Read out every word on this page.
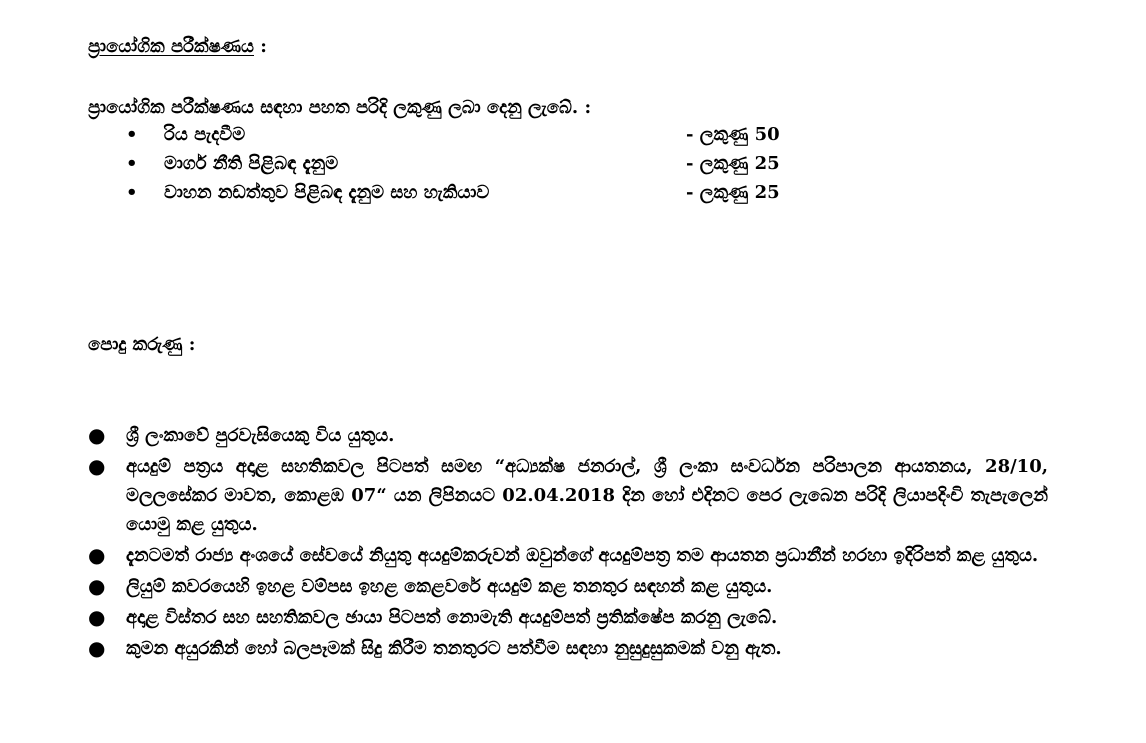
ප්‍රායෝගික පරීක්ෂණය :
ප්‍රායෝගික පරීක්ෂණය සඳහා පහත පරිදි ලකුණු ලබා දෙනු ලැබේ. :
• රිය පැදවීම	- ලකුණු 50
• මාර්ග නීති පිළිබඳ දැනුම	- ලකුණු 25
• වාහන නඩත්තුව පිළිබඳ දැනුම සහ හැකියාව	- ලකුණු 25
පොදු කරුණු :
● ශ්‍රී ලංකාවේ පුරවැසියෙකු විය යුතුය.
● අයදුම් පත්‍රය අදාළ සහතිකවල පිටපත් සමඟ “අධ්‍යක්ෂ ජනරාල්, ශ්‍රී ලංකා සංවර්ධන පරිපාලන ආයතනය, 28/10, මලලසේකර මාවත, කොළඹ 07“ යන ලිපිනයට 02.04.2018 දින හෝ එදිනට පෙර ලැබෙන පරිදි ලියාපදිංචි තැපැලෙන් යොමු කළ යුතුය.
● දැනටමත් රාජ්‍ය අංශයේ සේවයේ නියුතු අයදුම්කරුවන් ඔවුන්ගේ අයදුම්පත්‍ර තම ආයතන ප්‍රධානීන් හරහා ඉදිරිපත් කළ යුතුය.
● ලියුම් කවරයෙහි ඉහළ වම්පස ඉහළ කෙළවරේ අයදුම් කළ තනතුර සඳහන් කළ යුතුය.
● අදාළ විස්තර සහ සහතිකවල ඡායා පිටපත් නොමැති අයදුම්පත් ප්‍රතික්ෂේප කරනු ලැබේ.
● කුමන අයුරකින් හෝ බලපෑමක් සිදු කිරීම තනතුරට පත්වීම සඳහා නුසුදුසුකමක් වනු ඇත.
